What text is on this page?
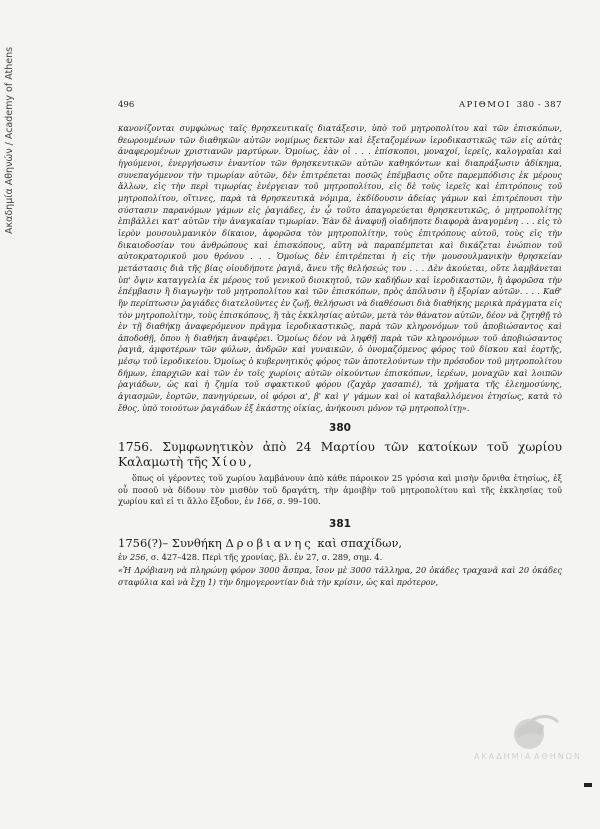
Ακαδημία Αθηνών / Academy of Athens	496	ΑΡΙΘΜΟΙ 380 - 387

κανονίζονται συμφώνως ταῖς θρησκευτικαῖς διατάξεσιν, ὑπὸ τοῦ μητροπολίτου καὶ τῶν ἐπισκόπων, θεωρουμένων τῶν διαθηκῶν αὐτῶν νομίμως δεκτῶν καὶ ἐξεταζομένων ἱεροδικαστικῶς τῶν εἰς αὐτὰς ἀναφερομένων χριστιανῶν μαρτύρων. Ὁμοίως, ἐὰν οἱ . . . ἐπίσκοποι, μοναχοί, ἱερεῖς, καλογραῖαι καὶ ἡγούμενοι, ἐνεργήσωσιν ἐναντίον τῶν θρησκευτικῶν αὐτῶν καθηκόντων καὶ διαπράξωσιν ἀδίκημα, συνεπαγόμενον τὴν τιμωρίαν αὐτῶν, δὲν ἐπιτρέπεται ποσῶς ἐπέμβασις οὔτε παρεμπόδισις ἐκ μέρους ἄλλων, εἰς τὴν περὶ τιμωρίας ἐνέργειαν τοῦ μητροπολίτου, εἰς δὲ τοὺς ἱερεῖς καὶ ἐπιτρόπους τοῦ μητροπολίτου, οἵτινες, παρὰ τὰ θρησκευτικὰ νόμιμα, ἐκδίδουσιν ἀδείας γάμων καὶ ἐπιτρέπουσι τὴν σύστασιν παρανόμων γάμων εἰς ῥαγιάδες, ἐν ᾧ τοῦτο ἀπαγορεύεται θρησκευτικῶς, ὁ μητροπολίτης ἐπιβάλλει κατ' αὐτῶν τὴν ἀναγκαίαν τιμωρίαν. Ἐὰν δὲ ἀναφυῇ οἱαδήποτε διαφορὰ ἀναγομένη . . . εἰς τὸ ἱερὸν μουσουλμανικὸν δίκαιον, ἀφορῶσα τὸν μητροπολίτην, τοὺς ἐπιτρόπους αὐτοῦ, τοὺς εἰς τὴν δικαιοδοσίαν του ἀνθρώπους καὶ ἐπισκόπους, αὕτη νὰ παραπέμπεται καὶ δικάζεται ἐνώπιον τοῦ αὐτοκρατορικοῦ μου θρόνου . . . Ὁμοίως δὲν ἐπιτρέπεται ἡ εἰς τὴν μουσουλμανικὴν θρησκείαν μετάστασις διὰ τῆς βίας οἱουδήποτε ῥαγιᾶ, ἄνευ τῆς θελήσεώς του . . . Δὲν ἀκούεται, οὔτε λαμβάνεται ὑπ' ὄψιν καταγγελία ἐκ μέρους τοῦ γενικοῦ διοικητοῦ, τῶν καδήδων καὶ ἱεροδικαστῶν, ἢ ἀφορῶσα τὴν ἐπέμβασιν ἢ διαγωγὴν τοῦ μητροπολίτου καὶ τῶν ἐπισκόπων, πρὸς ἀπόλυσιν ἢ ἐξορίαν αὐτῶν. . . . Καθ' ἣν περίπτωσιν ῥαγιάδες διατελοῦντες ἐν ζωῇ, θελήσωσι νὰ διαθέσωσι διὰ διαθήκης μερικὰ πράγματα εἰς τὸν μητροπολίτην, τοὺς ἐπισκόπους, ἢ τὰς ἐκκλησίας αὐτῶν, μετὰ τὸν θάνατον αὐτῶν, δέον νὰ ζητηθῇ τὸ ἐν τῇ διαθήκῃ ἀναφερόμενον πρᾶγμα ἱεροδικαστικῶς, παρὰ τῶν κληρονόμων τοῦ ἀποβιώσαντος καὶ ἀποδοθῇ, ὅπου ἡ διαθήκη ἀναφέρει. Ὁμοίως δέον νὰ ληφθῇ παρὰ τῶν κληρονόμων τοῦ ἀποβιώσαντος ῥαγιᾶ, ἀμφοτέρων τῶν φύλων, ἀνδρῶν καὶ γυναικῶν, ὁ ὀνομαζόμενος φόρος τοῦ δίσκου καὶ ἑορτῆς, μέσῳ τοῦ ἱεροδικείου. Ὁμοίως ὁ κυβερνητικὸς φόρος τῶν ἀποτελούντων τὴν πρόσοδον τοῦ μητροπολίτου δήμων, ἐπαρχιῶν καὶ τῶν ἐν τοῖς χωρίοις αὐτῶν οἰκούντων ἐπισκόπων, ἱερέων, μοναχῶν καὶ λοιπῶν ῥαγιάδων, ὡς καὶ ἡ ζημία τοῦ σφακτικοῦ φόρου (ζαχὰρ χασαπιέ), τὰ χρήματα τῆς ἐλεημοσύνης, ἁγιασμῶν, ἑορτῶν, πανηγύρεων, οἱ φόροι α', β' καὶ γ' γάμων καὶ οἱ καταβαλλόμενοι ἐτησίως, κατὰ τὸ ἔθος, ὑπὸ τοιούτων ῥαγιάδων ἐξ ἑκάστης οἰκίας, ἀνήκουσι μόνον τῷ μητροπολίτῃ».

380

1756. Συμφωνητικὸν ἀπὸ 24 Μαρτίου τῶν κατοίκων τοῦ χωρίου Καλαμωτὴ τῆς Χίου,

ὅπως οἱ γέροντες τοῦ χωρίου λαμβάνουν ἀπὸ κάθε πάροικον 25 γρόσια καὶ μισὴν ὄρνιθα ἐτησίως, ἐξ οὗ ποσοῦ νὰ δίδουν τὸν μισθὸν τοῦ δραγάτη, τὴν ἀμοιβὴν τοῦ μητροπολίτου καὶ τῆς ἐκκλησίας τοῦ χωρίου καὶ εἰ τι ἄλλο ἔξοδον, ἐν 166, σ. 99–100.

381

1756(?)– Συνθήκη Δροβιανης καὶ σπαχίδων,

ἐν 256, σ. 427–428. Περὶ τῆς χρονίας, βλ. ἐν 27, σ. 289, σημ. 4.

«Ἡ Δρόβιανη νὰ πληρώνῃ φόρον 3000 ἄσπρα, ἴσον μὲ 3000 τάλληρα, 20 ὀκάδες τραχανᾶ καὶ 20 ὀκάδες σταφύλια καὶ νὰ ἔχῃ 1) τὴν δημογεροντίαν διὰ τὴν κρίσιν, ὡς καὶ πρότερον,

ΑΚΑΔΗΜΙΑ ΑΘΗΝΩΝ
